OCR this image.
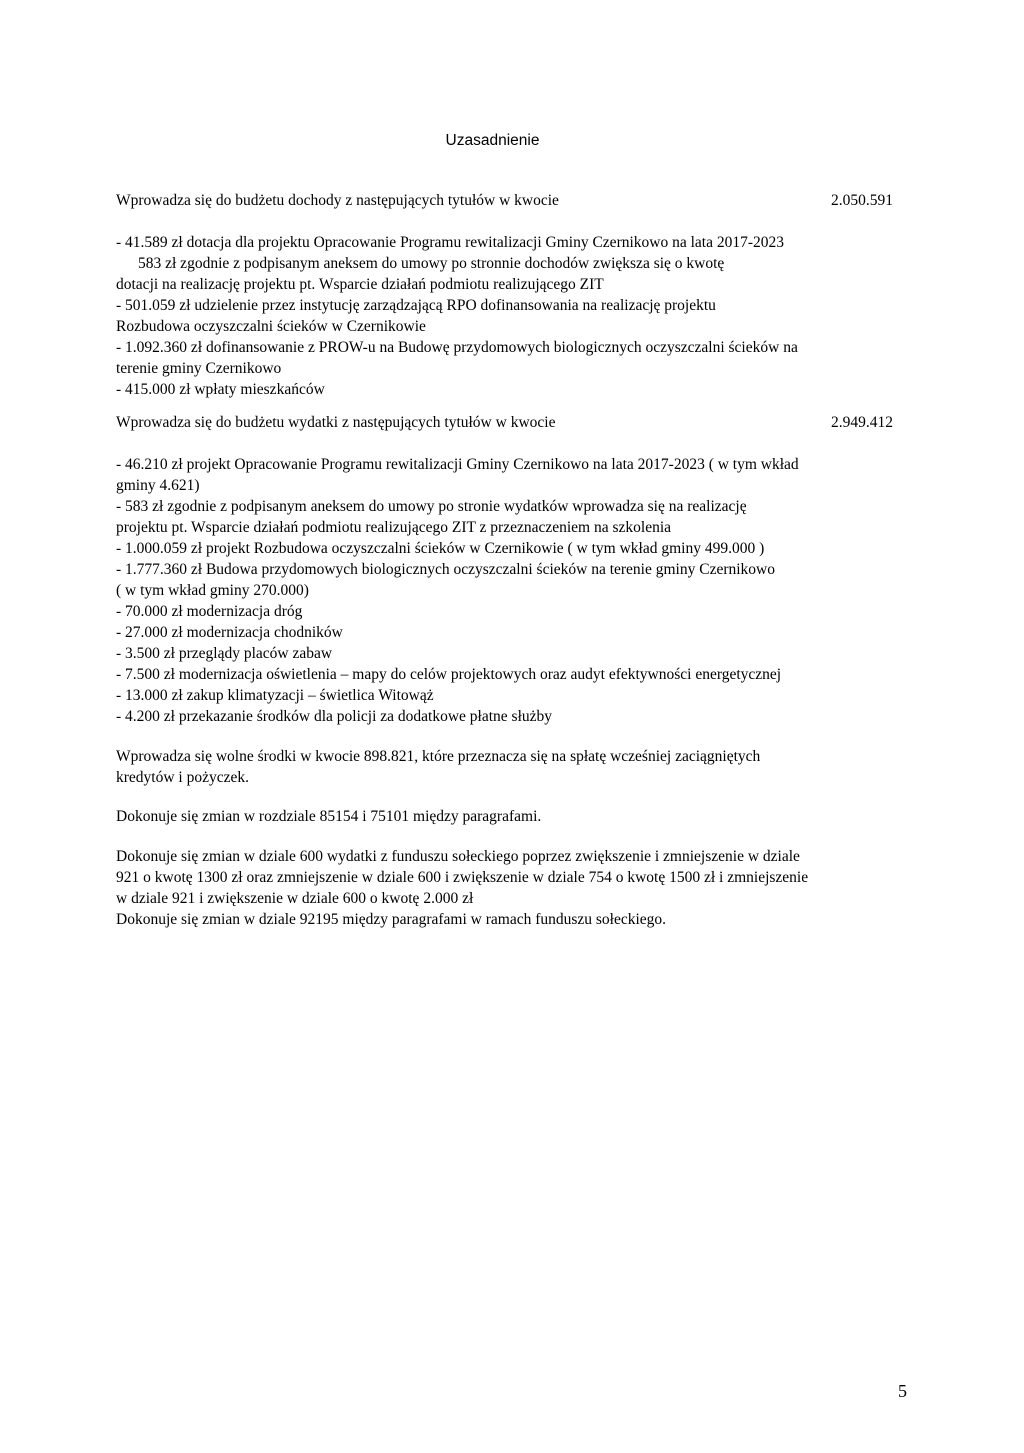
Uzasadnienie

Wprowadza się do budżetu dochody z następujących tytułów w kwocie	2.050.591

- 41.589 zł dotacja dla projektu Opracowanie Programu rewitalizacji Gminy Czernikowo na lata 2017-2023

583 zł zgodnie z podpisanym aneksem do umowy po stronnie dochodów zwiększa się o kwotę

dotacji na realizację projektu pt. Wsparcie działań podmiotu realizującego ZIT

- 501.059 zł udzielenie przez instytucję zarządzającą RPO dofinansowania na realizację projektu

Rozbudowa oczyszczalni ścieków w Czernikowie

- 1.092.360 zł dofinansowanie z PROW-u na Budowę przydomowych biologicznych oczyszczalni ścieków na

terenie gminy Czernikowo

- 415.000 zł wpłaty mieszkańców

Wprowadza się do budżetu wydatki z następujących tytułów w kwocie	2.949.412

- 46.210 zł projekt Opracowanie Programu rewitalizacji Gminy Czernikowo na lata 2017-2023 ( w tym wkład

gminy 4.621)

- 583 zł zgodnie z podpisanym aneksem do umowy po stronie wydatków wprowadza się na realizację

projektu pt. Wsparcie działań podmiotu realizującego ZIT z przeznaczeniem na szkolenia

- 1.000.059 zł projekt Rozbudowa oczyszczalni ścieków w Czernikowie ( w tym wkład gminy 499.000 )

- 1.777.360 zł Budowa przydomowych biologicznych oczyszczalni ścieków na terenie gminy Czernikowo

( w tym wkład gminy 270.000)

- 70.000 zł modernizacja dróg

- 27.000 zł modernizacja chodników

- 3.500 zł przeglądy placów zabaw

- 7.500 zł modernizacja oświetlenia – mapy do celów projektowych oraz audyt efektywności energetycznej

- 13.000 zł zakup klimatyzacji – świetlica Witowąż

- 4.200 zł przekazanie środków dla policji za dodatkowe płatne służby

Wprowadza się wolne środki w kwocie 898.821, które przeznacza się na spłatę wcześniej zaciągniętych

kredytów i pożyczek.

Dokonuje się zmian w rozdziale 85154 i 75101 między paragrafami.

Dokonuje się zmian w dziale 600 wydatki z funduszu sołeckiego poprzez zwiększenie i zmniejszenie w dziale

921 o kwotę 1300 zł oraz zmniejszenie w dziale 600 i zwiększenie w dziale 754 o kwotę 1500 zł i zmniejszenie

w dziale 921 i zwiększenie w dziale 600 o kwotę 2.000 zł

Dokonuje się zmian w dziale 92195 między paragrafami w ramach funduszu sołeckiego.

5
